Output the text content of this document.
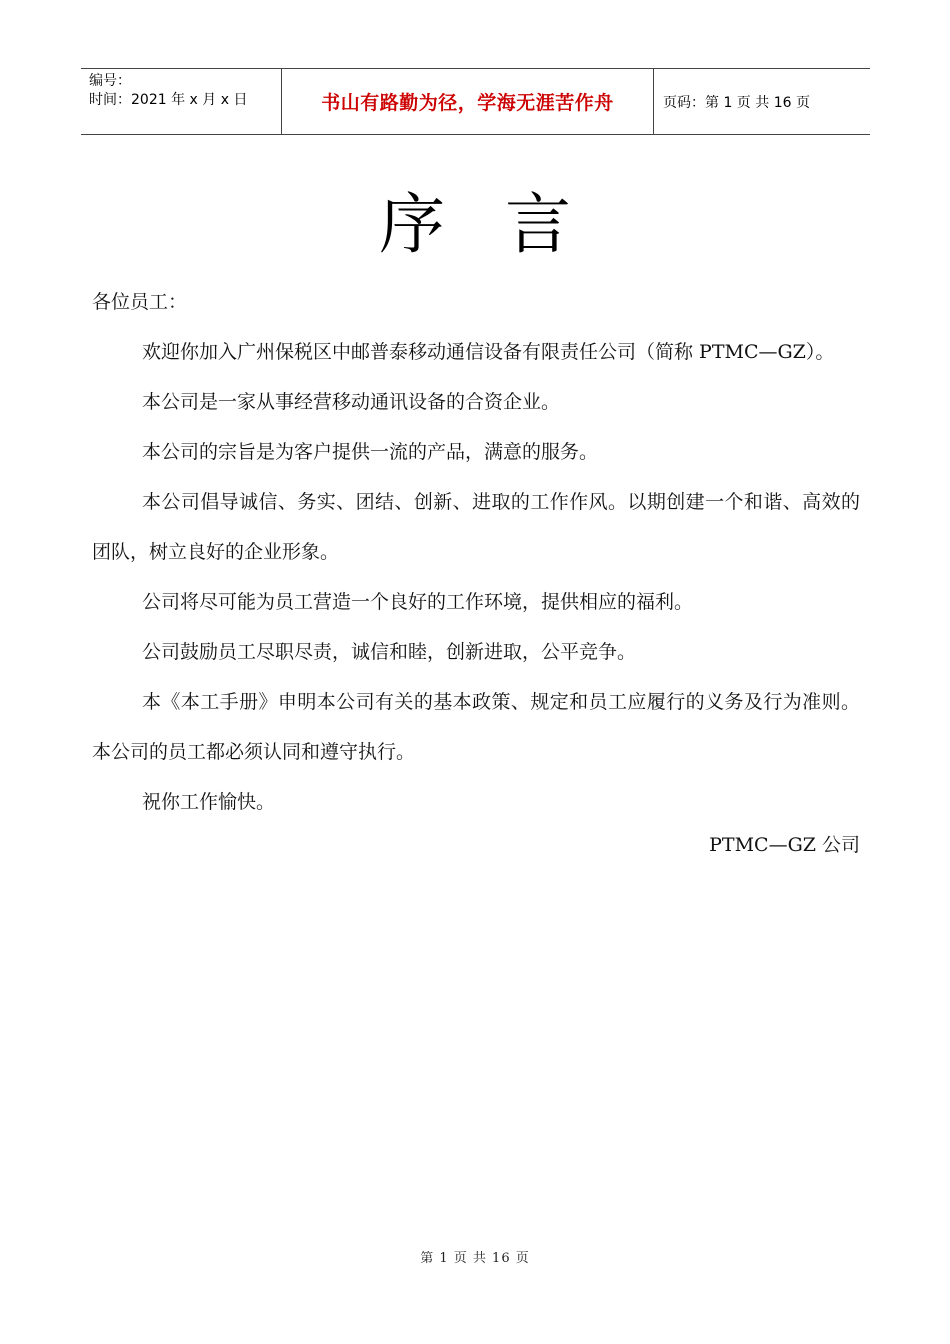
编号：
时间：2021 年 x 月 x 日	书山有路勤为径，学海无涯苦作舟	页码：第 1 页 共 16 页
序言

各位员工：

欢迎你加入广州保税区中邮普泰移动通信设备有限责任公司（简称 PTMC—GZ）。

本公司是一家从事经营移动通讯设备的合资企业。

本公司的宗旨是为客户提供一流的产品，满意的服务。

本公司倡导诚信、务实、团结、创新、进取的工作作风。以期创建一个和谐、高效的团队，树立良好的企业形象。

公司将尽可能为员工营造一个良好的工作环境，提供相应的福利。

公司鼓励员工尽职尽责，诚信和睦，创新进取，公平竞争。

本《本工手册》申明本公司有关的基本政策、规定和员工应履行的义务及行为准则。本公司的员工都必须认同和遵守执行。

祝你工作愉快。

PTMC—GZ 公司

第 1 页 共 16 页
